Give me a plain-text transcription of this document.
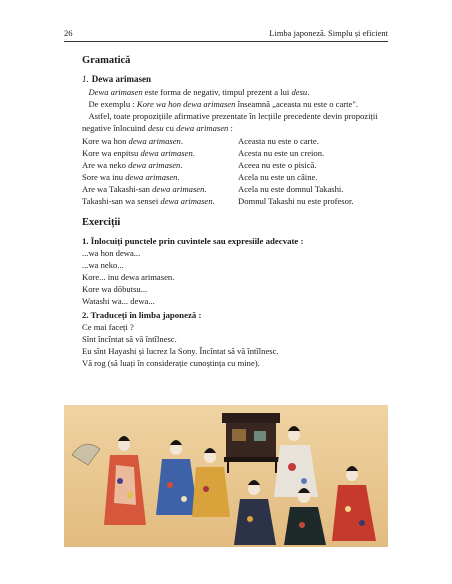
26	Limba japoneză. Simplu și eficient
Gramatică
1. Dewa arimasen

Dewa arimasen este forma de negativ, timpul prezent a lui desu.

De exemplu : Kore wa hon dewa arimasen înseamnă „aceasta nu este o carte".

Astfel, toate propozițiile afirmative prezentate în lecțiile precedente devin propoziții negative înlocuind desu cu dewa arimasen :

Kore wa hon dewa arimasen.	Aceasta nu este o carte.
Kore wa enpitsu dewa arimasen.	Acesta nu este un creion.
Are wa neko dewa arimasen.	Aceea nu este o pisică.
Sore wa inu dewa arimasen.	Acela nu este un câine.
Are wa Takashi-san dewa arimasen.	Acela nu este domnul Takashi.
Takashi-san wa sensei dewa arimasen.	Domnul Takashi nu este profesor.
Exerciții
1. Înlocuiți punctele prin cuvintele sau expresiile adecvate :
...wa hon dewa...
...wa neko...
Kore... inu dewa arimasen.
Kore wa dōbutsu...
Watashi wa... dewa...
2. Traduceți în limba japoneză :
Ce mai faceți ?
Sînt încîntat să vă întîlnesc.
Eu sînt Hayashi și lucrez la Sony. Încîntat să vă întîlnesc.
Vă rog (să luați în considerație cunoștința cu mine).
